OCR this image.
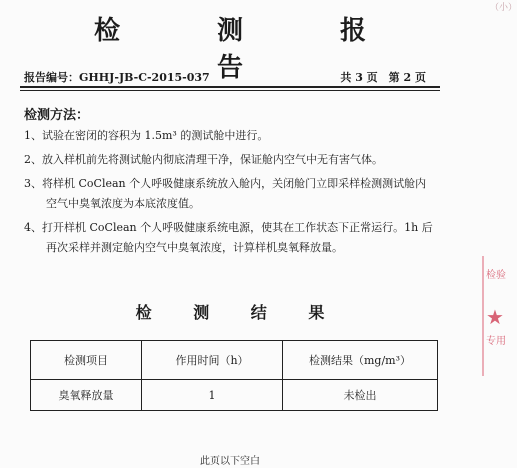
检 测 报 告
报告编号：GHHJ-JB-C-2015-037	共 3 页　第 2 页
检测方法：
1、试验在密闭的容积为 1.5m³ 的测试舱中进行。
2、放入样机前先将测试舱内彻底清理干净，保证舱内空气中无有害气体。
3、将样机 CoClean 个人呼吸健康系统放入舱内，关闭舱门立即采样检测测试舱内
空气中臭氧浓度为本底浓度值。
4、打开样机 CoClean 个人呼吸健康系统电源，使其在工作状态下正常运行。1h 后
再次采样并测定舱内空气中臭氧浓度，计算样机臭氧释放量。
检 测 结 果
检测项目	作用时间（h）	检测结果（mg/m³）
臭氧释放量	1	未检出
此页以下空白
检验
★
专用
（小）
